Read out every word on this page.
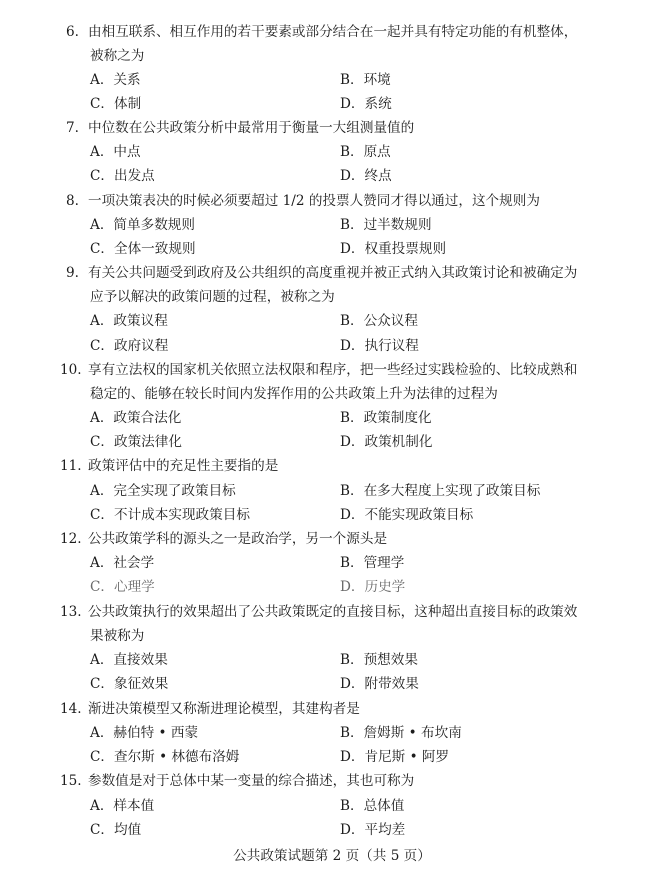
6. 由相互联系、相互作用的若干要素或部分结合在一起并具有特定功能的有机整体，
被称之为
A．关系	B．环境
C．体制	D．系统
7. 中位数在公共政策分析中最常用于衡量一大组测量值的
A．中点	B．原点
C．出发点	D．终点
8. 一项决策表决的时候必须要超过 1/2 的投票人赞同才得以通过，这个规则为
A．简单多数规则	B．过半数规则
C．全体一致规则	D．权重投票规则
9. 有关公共问题受到政府及公共组织的高度重视并被正式纳入其政策讨论和被确定为
应予以解决的政策问题的过程，被称之为
A．政策议程	B．公众议程
C．政府议程	D．执行议程
10. 享有立法权的国家机关依照立法权限和程序，把一些经过实践检验的、比较成熟和
稳定的、能够在较长时间内发挥作用的公共政策上升为法律的过程为
A．政策合法化	B．政策制度化
C．政策法律化	D．政策机制化
11. 政策评估中的充足性主要指的是
A．完全实现了政策目标	B．在多大程度上实现了政策目标
C．不计成本实现政策目标	D．不能实现政策目标
12. 公共政策学科的源头之一是政治学，另一个源头是
A．社会学	B．管理学
C．心理学	D．历史学
13. 公共政策执行的效果超出了公共政策既定的直接目标，这种超出直接目标的政策效
果被称为
A．直接效果	B．预想效果
C．象征效果	D．附带效果
14. 渐进决策模型又称渐进理论模型，其建构者是
A．赫伯特 • 西蒙	B．詹姆斯 • 布坎南
C．查尔斯 • 林德布洛姆	D．肯尼斯 • 阿罗
15. 参数值是对于总体中某一变量的综合描述，其也可称为
A．样本值	B．总体值
C．均值	D．平均差
公共政策试题第 2 页（共 5 页）
